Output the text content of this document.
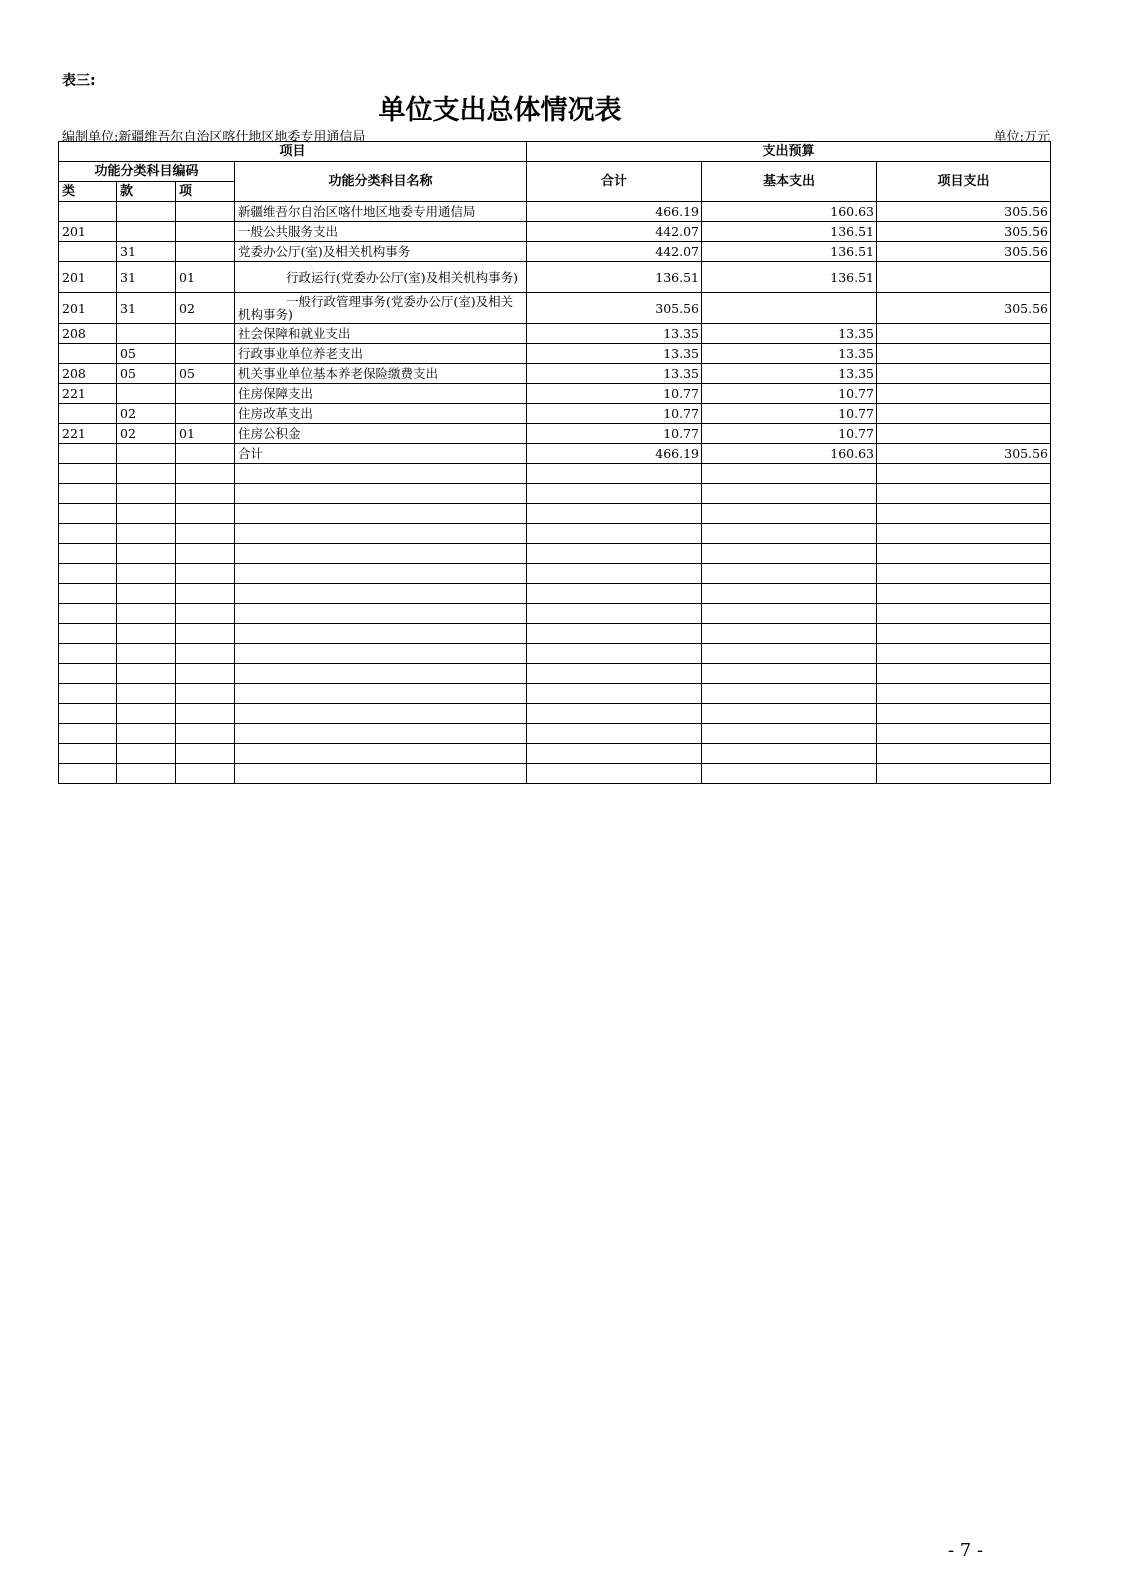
表三:
单位支出总体情况表
编制单位:新疆维吾尔自治区喀什地区地委专用通信局	单位:万元
项目				支出预算		
功能分类科目编码			功能分类科目名称	合计	基本支出	项目支出
类	款	项				
			新疆维吾尔自治区喀什地区地委专用通信局	466.19	160.63	305.56
201			一般公共服务支出	442.07	136.51	305.56
	31		党委办公厅(室)及相关机构事务	442.07	136.51	305.56
201	31	01	行政运行(党委办公厅(室)及相关机构事务)	136.51	136.51	
201	31	02	一般行政管理事务(党委办公厅(室)及相关机构事务)	305.56		305.56
208			社会保障和就业支出	13.35	13.35	
	05		行政事业单位养老支出	13.35	13.35	
208	05	05	机关事业单位基本养老保险缴费支出	13.35	13.35	
221			住房保障支出	10.77	10.77	
	02		住房改革支出	10.77	10.77	
221	02	01	住房公积金	10.77	10.77	
			合计	466.19	160.63	305.56

- 7 -
